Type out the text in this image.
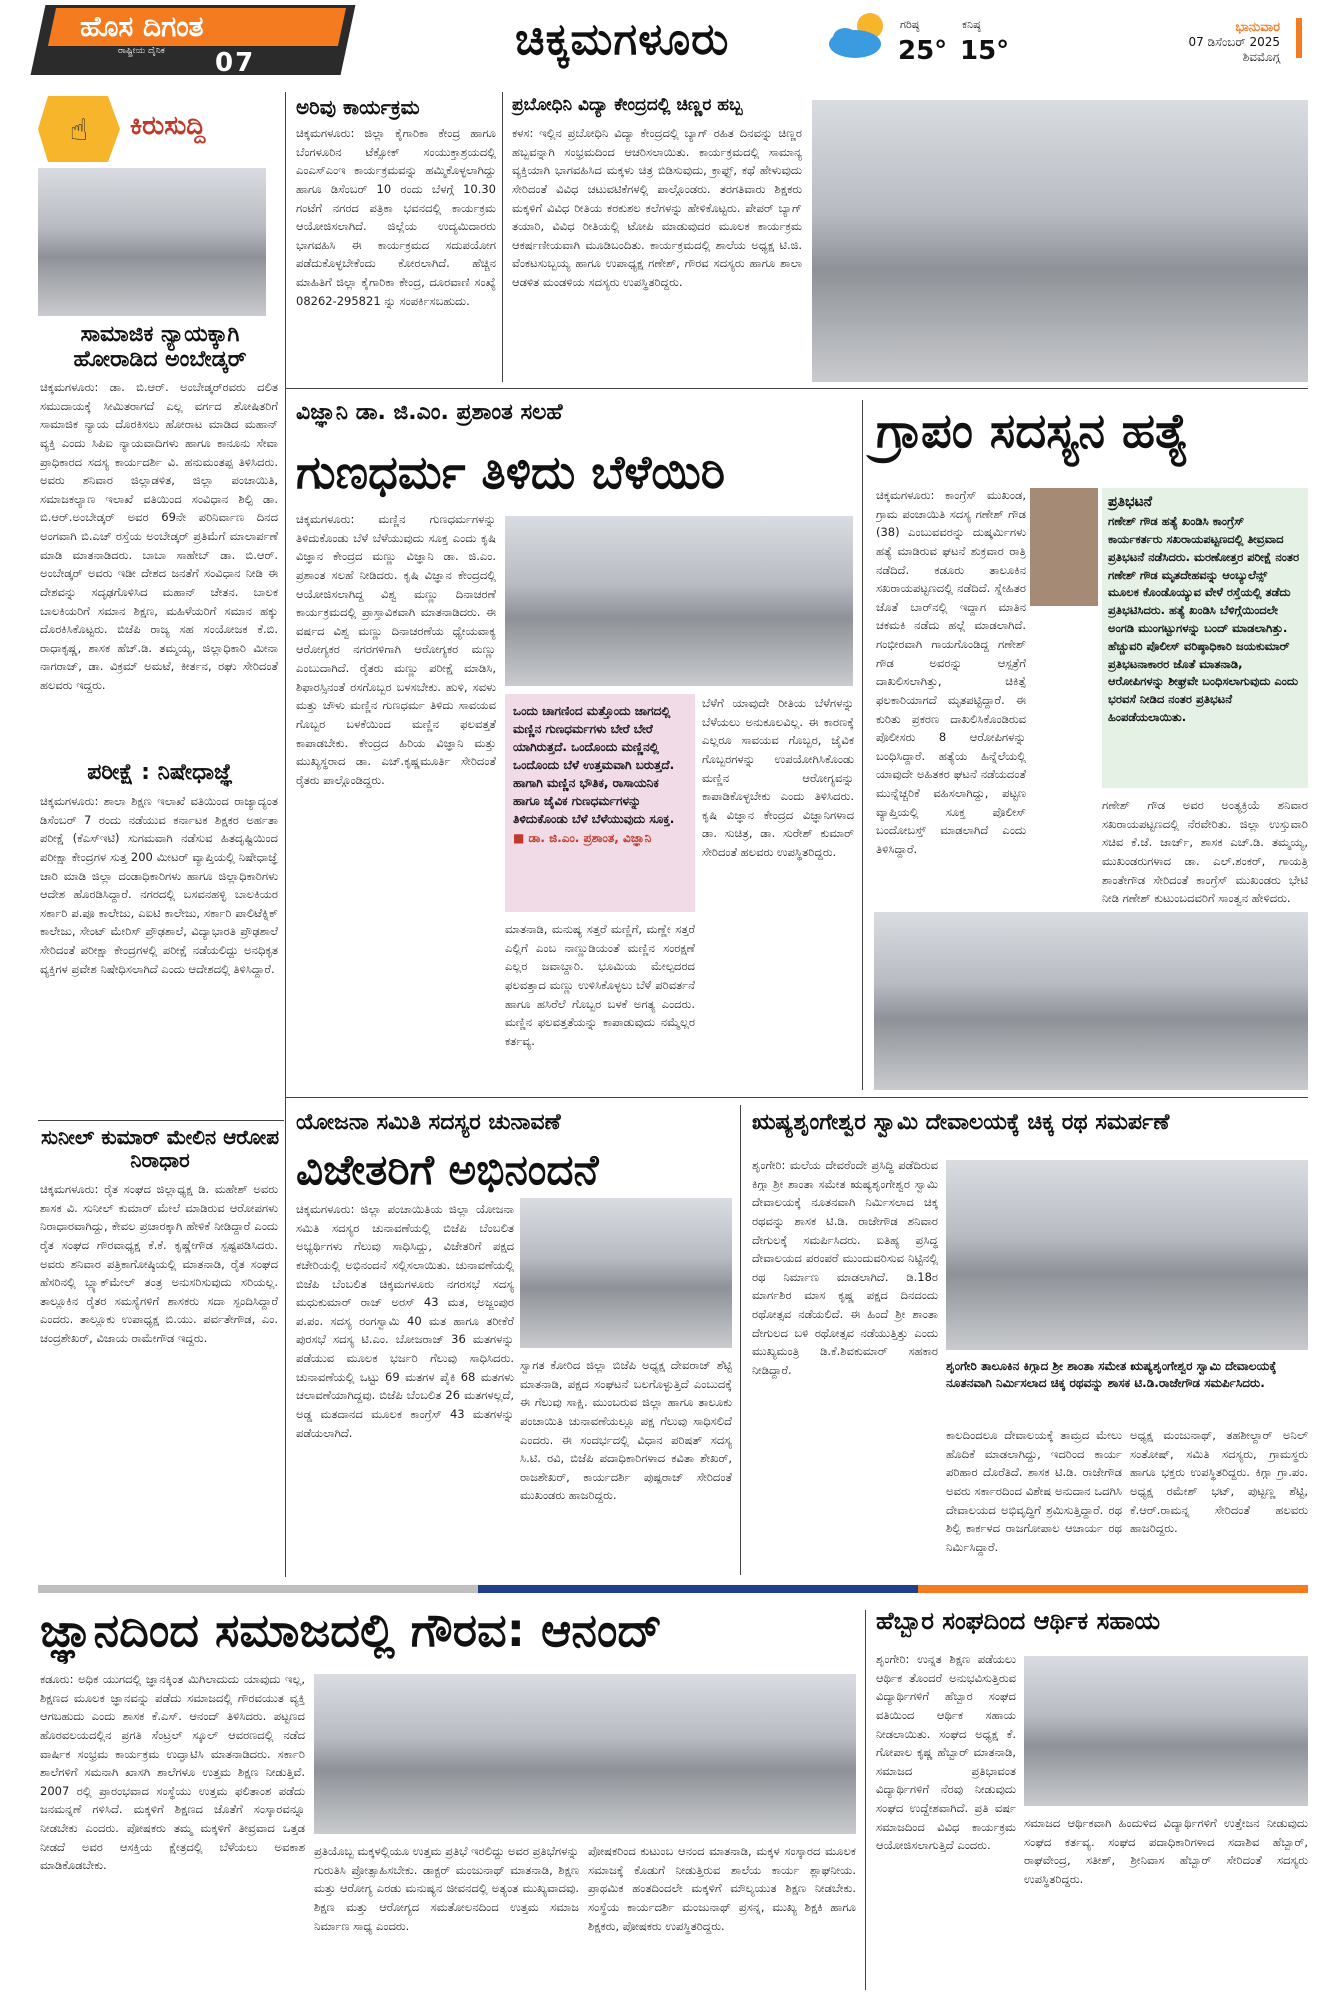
ಹೊಸ ದಿಗಂತ
ರಾಷ್ಟ್ರೀಯ ದೈನಿಕ 07	ಚಿಕ್ಕಮಗಳೂರು	ಗರಿಷ್ಠ
25°
ಕನಿಷ್ಠ
15°
ಭಾನುವಾರ
07 ಡಿಸೆಂಬರ್ 2025
ಶಿವಮೊಗ್ಗ
☝ ಕಿರುಸುದ್ದಿ
ಸಾಮಾಜಿಕ ನ್ಯಾಯಕ್ಕಾಗಿ ಹೋರಾಡಿದ ಅಂಬೇಡ್ಕರ್
ಚಿಕ್ಕಮಗಳೂರು: ಡಾ. ಬಿ.ಆರ್. ಅಂಬೇಡ್ಕರ್‌ರವರು ದಲಿತ ಸಮುದಾಯಕ್ಕೆ ಸೀಮಿತರಾಗದೆ ಎಲ್ಲ ವರ್ಗದ ಶೋಷಿತರಿಗೆ ಸಾಮಾಜಿಕ ನ್ಯಾಯ ದೊರಕಿಸಲು ಹೋರಾಟ ಮಾಡಿದ ಮಹಾನ್ ವ್ಯಕ್ತಿ ಎಂದು ಸಿಪಿಐ ನ್ಯಾಯವಾದಿಗಳು ಹಾಗೂ ಕಾನೂನು ಸೇವಾ ಪ್ರಾಧಿಕಾರದ ಸದಸ್ಯ ಕಾರ್ಯದರ್ಶಿ ವಿ. ಹನುಮಂತಪ್ಪ ತಿಳಿಸಿದರು. ಅವರು ಶನಿವಾರ ಜಿಲ್ಲಾಡಳಿತ, ಜಿಲ್ಲಾ ಪಂಚಾಯಿತಿ, ಸಮಾಜಕಲ್ಯಾಣ ಇಲಾಖೆ ವತಿಯಿಂದ ಸಂವಿಧಾನ ಶಿಲ್ಪಿ ಡಾ. ಬಿ.ಆರ್.ಅಂಬೇಡ್ಕರ್ ಅವರ 69ನೇ ಪರಿನಿರ್ವಾಣ ದಿನದ ಅಂಗವಾಗಿ ಬಿ.ಎಚ್ ರಸ್ತೆಯ ಅಂಬೇಡ್ಕರ್ ಪ್ರತಿಮೆಗೆ ಮಾಲಾರ್ಪಣೆ ಮಾಡಿ ಮಾತನಾಡಿದರು. ಬಾಬಾ ಸಾಹೇಬ್ ಡಾ. ಬಿ.ಆರ್. ಅಂಬೇಡ್ಕರ್ ಅವರು ಇಡೀ ದೇಶದ ಜನತೆಗೆ ಸಂವಿಧಾನ ನೀಡಿ ಈ ದೇಶವನ್ನು ಸದೃಢಗೊಳಿಸಿದ ಮಹಾನ್ ಚೇತನ. ಬಾಲಕ ಬಾಲಕಿಯರಿಗೆ ಸಮಾನ ಶಿಕ್ಷಣ, ಮಹಿಳೆಯರಿಗೆ ಸಮಾನ ಹಕ್ಕು ದೊರಕಿಸಿಕೊಟ್ಟರು. ಬಿಜೆಪಿ ರಾಜ್ಯ ಸಹ ಸಂಯೋಜಕ ಕೆ.ಬಿ. ರಾಧಾಕೃಷ್ಣ, ಶಾಸಕ ಹೆಚ್.ಡಿ. ತಮ್ಮಯ್ಯ, ಜಿಲ್ಲಾಧಿಕಾರಿ ಮೀನಾ ನಾಗರಾಜ್, ಡಾ. ವಿಕ್ರಮ್ ಅಮಟೆ, ಕೀರ್ತನ, ರಘು ಸೇರಿದಂತೆ ಹಲವರು ಇದ್ದರು.
ಪರೀಕ್ಷೆ : ನಿಷೇಧಾಜ್ಞೆ
ಚಿಕ್ಕಮಗಳೂರು: ಶಾಲಾ ಶಿಕ್ಷಣ ಇಲಾಖೆ ವತಿಯಿಂದ ರಾಜ್ಯಾದ್ಯಂತ ಡಿಸೆಂಬರ್ 7 ರಂದು ನಡೆಯುವ ಕರ್ನಾಟಕ ಶಿಕ್ಷಕರ ಅರ್ಹತಾ ಪರೀಕ್ಷೆ (ಕೆಎಸ್‌ಇಟಿ) ಸುಗಮವಾಗಿ ನಡೆಸುವ ಹಿತದೃಷ್ಟಿಯಿಂದ ಪರೀಕ್ಷಾ ಕೇಂದ್ರಗಳ ಸುತ್ತ 200 ಮೀಟರ್ ವ್ಯಾಪ್ತಿಯಲ್ಲಿ ನಿಷೇಧಾಜ್ಞೆ ಜಾರಿ ಮಾಡಿ ಜಿಲ್ಲಾ ದಂಡಾಧಿಕಾರಿಗಳು ಹಾಗೂ ಜಿಲ್ಲಾಧಿಕಾರಿಗಳು ಆದೇಶ ಹೊರಡಿಸಿದ್ದಾರೆ. ನಗರದಲ್ಲಿ ಬಸವನಹಳ್ಳಿ ಬಾಲಕಿಯರ ಸರ್ಕಾರಿ ಪ.ಪೂ ಕಾಲೇಜು, ಎಐಟಿ ಕಾಲೇಜು, ಸರ್ಕಾರಿ ಪಾಲಿಟೆಕ್ನಿಕ್ ಕಾಲೇಜು, ಸೇಂಟ್ ಮೇರಿಸ್ ಪ್ರೌಢಶಾಲೆ, ವಿದ್ಯಾಭಾರತಿ ಪ್ರೌಢಶಾಲೆ ಸೇರಿದಂತೆ ಪರೀಕ್ಷಾ ಕೇಂದ್ರಗಳಲ್ಲಿ ಪರೀಕ್ಷೆ ನಡೆಯಲಿದ್ದು ಅನಧಿಕೃತ ವ್ಯಕ್ತಿಗಳ ಪ್ರವೇಶ ನಿಷೇಧಿಸಲಾಗಿದೆ ಎಂದು ಆದೇಶದಲ್ಲಿ ತಿಳಿಸಿದ್ದಾರೆ.
ಸುನೀಲ್ ಕುಮಾರ್ ಮೇಲಿನ ಆರೋಪ ನಿರಾಧಾರ
ಚಿಕ್ಕಮಗಳೂರು: ರೈತ ಸಂಘದ ಜಿಲ್ಲಾಧ್ಯಕ್ಷ ಡಿ. ಮಹೇಶ್ ಅವರು ಶಾಸಕ ವಿ. ಸುನೀಲ್ ಕುಮಾರ್ ಮೇಲೆ ಮಾಡಿರುವ ಆರೋಪಗಳು ನಿರಾಧಾರವಾಗಿದ್ದು, ಕೇವಲ ಪ್ರಚಾರಕ್ಕಾಗಿ ಹೇಳಿಕೆ ನೀಡಿದ್ದಾರೆ ಎಂದು ರೈತ ಸಂಘದ ಗೌರವಾಧ್ಯಕ್ಷ ಕೆ.ಕೆ. ಕೃಷ್ಣೇಗೌಡ ಸ್ಪಷ್ಟಪಡಿಸಿದರು. ಅವರು ಶನಿವಾರ ಪತ್ರಿಕಾಗೋಷ್ಠಿಯಲ್ಲಿ ಮಾತನಾಡಿ, ರೈತ ಸಂಘದ ಹೆಸರಿನಲ್ಲಿ ಬ್ಲ್ಯಾಕ್‌ಮೇಲ್ ತಂತ್ರ ಅನುಸರಿಸುವುದು ಸರಿಯಲ್ಲ. ತಾಲ್ಲೂಕಿನ ರೈತರ ಸಮಸ್ಯೆಗಳಿಗೆ ಶಾಸಕರು ಸದಾ ಸ್ಪಂದಿಸಿದ್ದಾರೆ ಎಂದರು. ತಾಲ್ಲೂಕು ಉಪಾಧ್ಯಕ್ಷ ಬಿ.ಯು. ಪರ್ವತೇಗೌಡ, ಎಂ. ಚಂದ್ರಶೇಖರ್, ವಿಜಾಯ ರಾಮೇಗೌಡ ಇದ್ದರು.
ಅರಿವು ಕಾರ್ಯಕ್ರಮ
ಚಿಕ್ಕಮಗಳೂರು: ಜಿಲ್ಲಾ ಕೈಗಾರಿಕಾ ಕೇಂದ್ರ ಹಾಗೂ ಬೆಂಗಳೂರಿನ ಟೆಕ್ಸೋಕ್ ಸಂಯುಕ್ತಾಶ್ರಯದಲ್ಲಿ ಎಂಎಸ್‌ಎಂಇ ಕಾರ್ಯಕ್ರಮವನ್ನು ಹಮ್ಮಿಕೊಳ್ಳಲಾಗಿದ್ದು ಹಾಗೂ ಡಿಸೆಂಬರ್ 10 ರಂದು ಬೆಳಗ್ಗೆ 10.30 ಗಂಟೆಗೆ ನಗರದ ಪತ್ರಿಕಾ ಭವನದಲ್ಲಿ ಕಾರ್ಯಕ್ರಮ ಆಯೋಜಿಸಲಾಗಿದೆ. ಜಿಲ್ಲೆಯ ಉದ್ಯಮಿದಾರರು ಭಾಗವಹಿಸಿ ಈ ಕಾರ್ಯಕ್ರಮದ ಸದುಪಯೋಗ ಪಡೆದುಕೊಳ್ಳಬೇಕೆಂದು ಕೋರಲಾಗಿದೆ. ಹೆಚ್ಚಿನ ಮಾಹಿತಿಗೆ ಜಿಲ್ಲಾ ಕೈಗಾರಿಕಾ ಕೇಂದ್ರ, ದೂರವಾಣಿ ಸಂಖ್ಯೆ 08262-295821 ನ್ನು ಸಂಪರ್ಕಿಸಬಹುದು.
ಪ್ರಬೋಧಿನಿ ವಿದ್ಯಾ ಕೇಂದ್ರದಲ್ಲಿ ಚಿಣ್ಣರ ಹಬ್ಬ
ಕಳಸ: ಇಲ್ಲಿನ ಪ್ರಬೋಧಿನಿ ವಿದ್ಯಾ ಕೇಂದ್ರದಲ್ಲಿ ಬ್ಯಾಗ್ ರಹಿತ ದಿನವನ್ನು ಚಿಣ್ಣರ ಹಬ್ಬವನ್ನಾಗಿ ಸಂಭ್ರಮದಿಂದ ಆಚರಿಸಲಾಯಿತು. ಕಾರ್ಯಕ್ರಮದಲ್ಲಿ ಸಾಮಾನ್ಯ ವ್ಯಕ್ತಿಯಾಗಿ ಭಾಗವಹಿಸಿದ ಮಕ್ಕಳು ಚಿತ್ರ ಬಿಡಿಸುವುದು, ಕ್ರಾಫ್ಟ್, ಕಥೆ ಹೇಳುವುದು ಸೇರಿದಂತೆ ವಿವಿಧ ಚಟುವಟಿಕೆಗಳಲ್ಲಿ ಪಾಲ್ಗೊಂಡರು. ತರಗತಿವಾರು ಶಿಕ್ಷಕರು ಮಕ್ಕಳಿಗೆ ವಿವಿಧ ರೀತಿಯ ಕರಕುಶಲ ಕಲೆಗಳನ್ನು ಹೇಳಿಕೊಟ್ಟರು. ಪೇಪರ್ ಬ್ಯಾಗ್ ತಯಾರಿ, ವಿವಿಧ ರೀತಿಯಲ್ಲಿ ಟೋಪಿ ಮಾಡುವುದರ ಮೂಲಕ ಕಾರ್ಯಕ್ರಮ ಆಕರ್ಷಣೀಯವಾಗಿ ಮೂಡಿಬಂದಿತು. ಕಾರ್ಯಕ್ರಮದಲ್ಲಿ ಶಾಲೆಯ ಅಧ್ಯಕ್ಷ ಟಿ.ಜಿ. ವೆಂಕಟಸುಬ್ಬಯ್ಯ ಹಾಗೂ ಉಪಾಧ್ಯಕ್ಷ ಗಣೇಶ್, ಗೌರವ ಸದಸ್ಯರು ಹಾಗೂ ಶಾಲಾ ಆಡಳಿತ ಮಂಡಳಿಯ ಸದಸ್ಯರು ಉಪಸ್ಥಿತರಿದ್ದರು.
ವಿಜ್ಞಾನಿ ಡಾ. ಜಿ.ಎಂ. ಪ್ರಶಾಂತ ಸಲಹೆ
ಗುಣಧರ್ಮ ತಿಳಿದು ಬೆಳೆಯಿರಿ
ಚಿಕ್ಕಮಗಳೂರು: ಮಣ್ಣಿನ ಗುಣಧರ್ಮಗಳನ್ನು ತಿಳಿದುಕೊಂಡು ಬೆಳೆ ಬೆಳೆಯುವುದು ಸೂಕ್ತ ಎಂದು ಕೃಷಿ ವಿಜ್ಞಾನ ಕೇಂದ್ರದ ಮಣ್ಣು ವಿಜ್ಞಾನಿ ಡಾ. ಜಿ.ಎಂ. ಪ್ರಶಾಂತ ಸಲಹೆ ನೀಡಿದರು. ಕೃಷಿ ವಿಜ್ಞಾನ ಕೇಂದ್ರದಲ್ಲಿ ಆಯೋಜಿಸಲಾಗಿದ್ದ ವಿಶ್ವ ಮಣ್ಣು ದಿನಾಚರಣೆ ಕಾರ್ಯಕ್ರಮದಲ್ಲಿ ಪ್ರಾಸ್ತಾವಿಕವಾಗಿ ಮಾತನಾಡಿದರು. ಈ ವರ್ಷದ ವಿಶ್ವ ಮಣ್ಣು ದಿನಾಚರಣೆಯ ಧ್ಯೇಯವಾಕ್ಯ ಆರೋಗ್ಯಕರ ನಗರಗಳಿಗಾಗಿ ಆರೋಗ್ಯಕರ ಮಣ್ಣು ಎಂಬುದಾಗಿದೆ. ರೈತರು ಮಣ್ಣು ಪರೀಕ್ಷೆ ಮಾಡಿಸಿ, ಶಿಫಾರಸ್ಸಿನಂತೆ ರಸಗೊಬ್ಬರ ಬಳಸಬೇಕು. ಹುಳಿ, ಸವಳು ಮತ್ತು ಚೌಳು ಮಣ್ಣಿನ ಗುಣಧರ್ಮ ತಿಳಿದು ಸಾವಯವ ಗೊಬ್ಬರ ಬಳಕೆಯಿಂದ ಮಣ್ಣಿನ ಫಲವತ್ತತೆ ಕಾಪಾಡಬೇಕು. ಕೇಂದ್ರದ ಹಿರಿಯ ವಿಜ್ಞಾನಿ ಮತ್ತು ಮುಖ್ಯಸ್ಥರಾದ ಡಾ. ಎಚ್.ಕೃಷ್ಣಮೂರ್ತಿ ಸೇರಿದಂತೆ ರೈತರು ಪಾಲ್ಗೊಂಡಿದ್ದರು.
ಒಂದು ಚಾಗಣಿಂದ ಮತ್ತೊಂದು ಜಾಗದಲ್ಲಿ ಮಣ್ಣಿನ ಗುಣಧರ್ಮಗಳು ಬೇರೆ ಬೇರೆ ಯಾಗಿರುತ್ತದೆ. ಒಂದೊಂದು ಮಣ್ಣಿನಲ್ಲಿ ಒಂದೊಂದು ಬೆಳೆ ಉತ್ತಮವಾಗಿ ಬರುತ್ತದೆ. ಹಾಗಾಗಿ ಮಣ್ಣಿನ ಭೌತಿಕ, ರಾಸಾಯನಿಕ ಹಾಗೂ ಜೈವಿಕ ಗುಣಧರ್ಮಗಳನ್ನು ತಿಳಿದುಕೊಂಡು ಬೆಳೆ ಬೆಳೆಯುವುದು ಸೂಕ್ತ.
■ ಡಾ. ಜಿ.ಎಂ. ಪ್ರಶಾಂತ, ವಿಜ್ಞಾನಿ
ಬೆಳೆಗೆ ಯಾವುದೇ ರೀತಿಯ ಬೆಳೆಗಳನ್ನು ಬೆಳೆಯಲು ಅನುಕೂಲವಿಲ್ಲ. ಈ ಕಾರಣಕ್ಕೆ ಎಲ್ಲರೂ ಸಾವಯವ ಗೊಬ್ಬರ, ಜೈವಿಕ ಗೊಬ್ಬರಗಳನ್ನು ಉಪಯೋಗಿಸಿಕೊಂಡು ಮಣ್ಣಿನ ಆರೋಗ್ಯವನ್ನು ಕಾಪಾಡಿಕೊಳ್ಳಬೇಕು ಎಂದು ತಿಳಿಸಿದರು. ಕೃಷಿ ವಿಜ್ಞಾನ ಕೇಂದ್ರದ ವಿಜ್ಞಾನಿಗಳಾದ ಡಾ. ಸುಚಿತ್ರ, ಡಾ. ಸುರೇಶ್ ಕುಮಾರ್ ಸೇರಿದಂತೆ ಹಲವರು ಉಪಸ್ಥಿತರಿದ್ದರು.
ಮಾತನಾಡಿ, ಮನುಷ್ಯ ಸತ್ತರೆ ಮಣ್ಣಿಗೆ, ಮಣ್ಣೇ ಸತ್ತರೆ ಎಲ್ಲಿಗೆ ಎಂಬ ನಾಣ್ಣುಡಿಯಂತೆ ಮಣ್ಣಿನ ಸಂರಕ್ಷಣೆ ಎಲ್ಲರ ಜವಾಬ್ದಾರಿ. ಭೂಮಿಯ ಮೇಲ್ಪದರದ ಫಲವತ್ತಾದ ಮಣ್ಣು ಉಳಿಸಿಕೊಳ್ಳಲು ಬೆಳೆ ಪರಿವರ್ತನೆ ಹಾಗೂ ಹಸಿರೆಲೆ ಗೊಬ್ಬರ ಬಳಕೆ ಅಗತ್ಯ ಎಂದರು. ಮಣ್ಣಿನ ಫಲವತ್ತತೆಯನ್ನು ಕಾಪಾಡುವುದು ನಮ್ಮೆಲ್ಲರ ಕರ್ತವ್ಯ.
ಗ್ರಾಪಂ ಸದಸ್ಯನ ಹತ್ಯೆ
ಚಿಕ್ಕಮಗಳೂರು: ಕಾಂಗ್ರೆಸ್ ಮುಖಂಡ, ಗ್ರಾಮ ಪಂಚಾಯಿತಿ ಸದಸ್ಯ ಗಣೇಶ್ ಗೌಡ (38) ಎಂಬುವವರನ್ನು ದುಷ್ಕರ್ಮಿಗಳು ಹತ್ಯೆ ಮಾಡಿರುವ ಘಟನೆ ಶುಕ್ರವಾರ ರಾತ್ರಿ ನಡೆದಿದೆ. ಕಡೂರು ತಾಲೂಕಿನ ಸಖರಾಯಪಟ್ಟಣದಲ್ಲಿ ನಡೆದಿದೆ. ಸ್ನೇಹಿತರ ಜೊತೆ ಬಾರ್‌ನಲ್ಲಿ ಇದ್ದಾಗ ಮಾತಿನ ಚಕಮಕಿ ನಡೆದು ಹಲ್ಲೆ ಮಾಡಲಾಗಿದೆ. ಗಂಭೀರವಾಗಿ ಗಾಯಗೊಂಡಿದ್ದ ಗಣೇಶ್ ಗೌಡ ಅವರನ್ನು ಆಸ್ಪತ್ರೆಗೆ ದಾಖಲಿಸಲಾಗಿತ್ತು, ಚಿಕಿತ್ಸೆ ಫಲಕಾರಿಯಾಗದೆ ಮೃತಪಟ್ಟಿದ್ದಾರೆ. ಈ ಕುರಿತು ಪ್ರಕರಣ ದಾಖಲಿಸಿಕೊಂಡಿರುವ ಪೊಲೀಸರು 8 ಆರೋಪಿಗಳನ್ನು ಬಂಧಿಸಿದ್ದಾರೆ. ಹತ್ಯೆಯ ಹಿನ್ನೆಲೆಯಲ್ಲಿ ಯಾವುದೇ ಅಹಿತಕರ ಘಟನೆ ನಡೆಯದಂತೆ ಮುನ್ನೆಚ್ಚರಿಕೆ ವಹಿಸಲಾಗಿದ್ದು, ಪಟ್ಟಣ ವ್ಯಾಪ್ತಿಯಲ್ಲಿ ಸೂಕ್ತ ಪೊಲೀಸ್ ಬಂದೋಬಸ್ತ್ ಮಾಡಲಾಗಿದೆ ಎಂದು ತಿಳಿಸಿದ್ದಾರೆ.
ಪ್ರತಿಭಟನೆ
ಗಣೇಶ್ ಗೌಡ ಹತ್ಯೆ ಖಂಡಿಸಿ ಕಾಂಗ್ರೆಸ್ ಕಾರ್ಯಕರ್ತರು ಸಖರಾಯಪಟ್ಟಣದಲ್ಲಿ ತೀವ್ರವಾದ ಪ್ರತಿಭಟನೆ ನಡೆಸಿದರು. ಮರಣೋತ್ತರ ಪರೀಕ್ಷೆ ನಂತರ ಗಣೇಶ್ ಗೌಡ ಮೃತದೇಹವನ್ನು ಆಂಬ್ಯುಲೆನ್ಸ್ ಮೂಲಕ ಕೊಂಡೊಯ್ಯುವ ವೇಳೆ ರಸ್ತೆಯಲ್ಲಿ ತಡೆದು ಪ್ರತಿಭಟಿಸಿದರು. ಹತ್ಯೆ ಖಂಡಿಸಿ ಬೆಳಿಗ್ಗೆಯಿಂದಲೇ ಅಂಗಡಿ ಮುಂಗಟ್ಟುಗಳನ್ನು ಬಂದ್ ಮಾಡಲಾಗಿತ್ತು. ಹೆಚ್ಚುವರಿ ಪೊಲೀಸ್ ವರಿಷ್ಠಾಧಿಕಾರಿ ಜಯಕುಮಾರ್ ಪ್ರತಿಭಟನಾಕಾರರ ಜೊತೆ ಮಾತನಾಡಿ, ಆರೋಪಿಗಳನ್ನು ಶೀಘ್ರವೇ ಬಂಧಿಸಲಾಗುವುದು ಎಂದು ಭರವಸೆ ನೀಡಿದ ನಂತರ ಪ್ರತಿಭಟನೆ ಹಿಂಪಡೆಯಲಾಯಿತು.
ಗಣೇಶ್ ಗೌಡ ಅವರ ಅಂತ್ಯಕ್ರಿಯೆ ಶನಿವಾರ ಸಖರಾಯಪಟ್ಟಣದಲ್ಲಿ ನೆರವೇರಿತು. ಜಿಲ್ಲಾ ಉಸ್ತುವಾರಿ ಸಚಿವ ಕೆ.ಜೆ. ಜಾರ್ಜ್, ಶಾಸಕ ಎಚ್.ಡಿ. ತಮ್ಮಯ್ಯ, ಮುಖಂಡರುಗಳಾದ ಡಾ. ಎಲ್.ಶಂಕರ್, ಗಾಯತ್ರಿ ಶಾಂತೇಗೌಡ ಸೇರಿದಂತೆ ಕಾಂಗ್ರೆಸ್ ಮುಖಂಡರು ಭೇಟಿ ನೀಡಿ ಗಣೇಶ್ ಕುಟುಂಬದವರಿಗೆ ಸಾಂತ್ವನ ಹೇಳಿದರು.
ಯೋಜನಾ ಸಮಿತಿ ಸದಸ್ಯರ ಚುನಾವಣೆ
ವಿಜೇತರಿಗೆ ಅಭಿನಂದನೆ
ಚಿಕ್ಕಮಗಳೂರು: ಜಿಲ್ಲಾ ಪಂಚಾಯಿತಿಯ ಜಿಲ್ಲಾ ಯೋಜನಾ ಸಮಿತಿ ಸದಸ್ಯರ ಚುನಾವಣೆಯಲ್ಲಿ ಬಿಜೆಪಿ ಬೆಂಬಲಿತ ಅಭ್ಯರ್ಥಿಗಳು ಗೆಲುವು ಸಾಧಿಸಿದ್ದು, ವಿಜೇತರಿಗೆ ಪಕ್ಷದ ಕಚೇರಿಯಲ್ಲಿ ಅಭಿನಂದನೆ ಸಲ್ಲಿಸಲಾಯಿತು. ಚುನಾವಣೆಯಲ್ಲಿ ಬಿಜೆಪಿ ಬೆಂಬಲಿತ ಚಿಕ್ಕಮಗಳೂರು ನಗರಸಭೆ ಸದಸ್ಯ ಮಧುಕುಮಾರ್ ರಾಜ್ ಅರಸ್ 43 ಮತ, ಅಜ್ಜಂಪುರ ಪ.ಪಂ. ಸದಸ್ಯ ರಂಗಸ್ವಾಮಿ 40 ಮತ ಹಾಗೂ ತರೀಕೆರೆ ಪುರಸಭೆ ಸದಸ್ಯ ಟಿ.ಎಂ. ಬೋಜರಾಜ್ 36 ಮತಗಳನ್ನು ಪಡೆಯುವ ಮೂಲಕ ಭರ್ಜರಿ ಗೆಲುವು ಸಾಧಿಸಿದರು. ಚುನಾವಣೆಯಲ್ಲಿ ಒಟ್ಟು 69 ಮತಗಳ ಪೈಕಿ 68 ಮತಗಳು ಚಲಾವಣೆಯಾಗಿದ್ದವು. ಬಿಜೆಪಿ ಬೆಂಬಲಿತ 26 ಮತಗಳಲ್ಲದೆ, ಅಡ್ಡ ಮತದಾನದ ಮೂಲಕ ಕಾಂಗ್ರೆಸ್ 43 ಮತಗಳನ್ನು ಪಡೆಯಲಾಗಿದೆ.
ಸ್ವಾಗತ ಕೋರಿದ ಜಿಲ್ಲಾ ಬಿಜೆಪಿ ಅಧ್ಯಕ್ಷ ದೇವರಾಜ್ ಶೆಟ್ಟಿ ಮಾತನಾಡಿ, ಪಕ್ಷದ ಸಂಘಟನೆ ಬಲಗೊಳ್ಳುತ್ತಿದೆ ಎಂಬುದಕ್ಕೆ ಈ ಗೆಲುವು ಸಾಕ್ಷಿ. ಮುಂಬರುವ ಜಿಲ್ಲಾ ಹಾಗೂ ತಾಲೂಕು ಪಂಚಾಯಿತಿ ಚುನಾವಣೆಯಲ್ಲೂ ಪಕ್ಷ ಗೆಲುವು ಸಾಧಿಸಲಿದೆ ಎಂದರು. ಈ ಸಂದರ್ಭದಲ್ಲಿ ವಿಧಾನ ಪರಿಷತ್ ಸದಸ್ಯ ಸಿ.ಟಿ. ರವಿ, ಬಿಜೆಪಿ ಪದಾಧಿಕಾರಿಗಳಾದ ಕವಿತಾ ಶೇಖರ್, ರಾಜಶೇಖರ್, ಕಾರ್ಯದರ್ಶಿ ಪುಷ್ಪರಾಜ್ ಸೇರಿದಂತೆ ಮುಖಂಡರು ಹಾಜರಿದ್ದರು.
ಋಷ್ಯಶೃಂಗೇಶ್ವರ ಸ್ವಾಮಿ ದೇವಾಲಯಕ್ಕೆ ಚಿಕ್ಕ ರಥ ಸಮರ್ಪಣೆ
ಶೃಂಗೇರಿ: ಮಲೆಯ ದೇವರೆಂದೇ ಪ್ರಸಿದ್ಧಿ ಪಡೆದಿರುವ ಕಿಗ್ಗಾ ಶ್ರೀ ಶಾಂತಾ ಸಮೇತ ಋಷ್ಯಶೃಂಗೇಶ್ವರ ಸ್ವಾಮಿ ದೇವಾಲಯಕ್ಕೆ ನೂತನವಾಗಿ ನಿರ್ಮಿಸಲಾದ ಚಿಕ್ಕ ರಥವನ್ನು ಶಾಸಕ ಟಿ.ಡಿ. ರಾಜೇಗೌಡ ಶನಿವಾರ ದೇಗುಲಕ್ಕೆ ಸಮರ್ಪಿಸಿದರು. ಐತಿಹ್ಯ ಪ್ರಸಿದ್ಧ ದೇವಾಲಯದ ಪರಂಪರೆ ಮುಂದುವರಿಸುವ ನಿಟ್ಟಿನಲ್ಲಿ ರಥ ನಿರ್ಮಾಣ ಮಾಡಲಾಗಿದೆ. ಡಿ.18ರ ಮಾರ್ಗಶಿರ ಮಾಸ ಕೃಷ್ಣ ಪಕ್ಷದ ದಿನದಂದು ರಥೋತ್ಸವ ನಡೆಯಲಿದೆ. ಈ ಹಿಂದೆ ಶ್ರೀ ಶಾಂತಾ ದೇಗುಲದ ಬಳಿ ರಥೋತ್ಸವ ನಡೆಯುತ್ತಿತ್ತು ಎಂದು ಮುಖ್ಯಮಂತ್ರಿ ಡಿ.ಕೆ.ಶಿವಕುಮಾರ್ ಸಹಕಾರ ನೀಡಿದ್ದಾರೆ.	ಶೃಂಗೇರಿ ತಾಲೂಕಿನ ಕಿಗ್ಗಾದ ಶ್ರೀ ಶಾಂತಾ ಸಮೇತ ಋಷ್ಯಶೃಂಗೇಶ್ವರ ಸ್ವಾಮಿ ದೇವಾಲಯಕ್ಕೆ ನೂತನವಾಗಿ ನಿರ್ಮಿಸಲಾದ ಚಿಕ್ಕ ರಥವನ್ನು ಶಾಸಕ ಟಿ.ಡಿ.ರಾಜೇಗೌಡ ಸಮರ್ಪಿಸಿದರು.
ಕಾಲದಿಂದಲೂ ದೇವಾಲಯಕ್ಕೆ ತಾಮ್ರದ ಮೇಲು ಹೊದಿಕೆ ಮಾಡಲಾಗಿದ್ದು, ಇದರಿಂದ ಕಾರ್ಯ ಪರಿಹಾರ ದೊರೆತಿದೆ. ಶಾಸಕ ಟಿ.ಡಿ. ರಾಜೇಗೌಡ ಅವರು ಸರ್ಕಾರದಿಂದ ವಿಶೇಷ ಅನುದಾನ ಒದಗಿಸಿ ದೇವಾಲಯದ ಅಭಿವೃದ್ಧಿಗೆ ಶ್ರಮಿಸುತ್ತಿದ್ದಾರೆ. ರಥ ಶಿಲ್ಪಿ ಕಾರ್ಕಳದ ರಾಜಗೋಪಾಲ ಆಚಾರ್ಯ ರಥ ನಿರ್ಮಿಸಿದ್ದಾರೆ.
ಅಧ್ಯಕ್ಷ ಮಂಜುನಾಥ್, ತಹಶೀಲ್ದಾರ್ ಅನಿಲ್ ಸಂತೋಷ್, ಸಮಿತಿ ಸದಸ್ಯರು, ಗ್ರಾಮಸ್ಥರು ಹಾಗೂ ಭಕ್ತರು ಉಪಸ್ಥಿತರಿದ್ದರು. ಕಿಗ್ಗಾ ಗ್ರಾ.ಪಂ. ಅಧ್ಯಕ್ಷ ರಮೇಶ್ ಭಟ್, ಪುಟ್ಟಣ್ಣ ಶೆಟ್ಟಿ, ಕೆ.ಆರ್.ರಾಮನ್ನ ಸೇರಿದಂತೆ ಹಲವರು ಹಾಜರಿದ್ದರು.
ಜ್ಞಾನದಿಂದ ಸಮಾಜದಲ್ಲಿ ಗೌರವ: ಆನಂದ್
ಕಡೂರು: ಅಧಿಕ ಯುಗದಲ್ಲಿ ಜ್ಞಾನಕ್ಕಿಂತ ಮಿಗಿಲಾದುದು ಯಾವುದು ಇಲ್ಲ, ಶಿಕ್ಷಣದ ಮೂಲಕ ಜ್ಞಾನವನ್ನು ಪಡೆದು ಸಮಾಜದಲ್ಲಿ ಗೌರವಯುತ ವ್ಯಕ್ತಿ ಆಗಬಹುದು ಎಂದು ಶಾಸಕ ಕೆ.ಎಸ್. ಆನಂದ್ ತಿಳಿಸಿದರು. ಪಟ್ಟಣದ ಹೊರವಲಯದಲ್ಲಿನ ಪ್ರಗತಿ ಸೆಂಟ್ರಲ್ ಸ್ಕೂಲ್ ಆವರಣದಲ್ಲಿ ನಡೆದ ವಾರ್ಷಿಕ ಸಂಭ್ರಮ ಕಾರ್ಯಕ್ರಮ ಉದ್ಘಾಟಿಸಿ ಮಾತನಾಡಿದರು. ಸರ್ಕಾರಿ ಶಾಲೆಗಳಿಗೆ ಸಮನಾಗಿ ಖಾಸಗಿ ಶಾಲೆಗಳೂ ಉತ್ತಮ ಶಿಕ್ಷಣ ನೀಡುತ್ತಿವೆ. 2007 ರಲ್ಲಿ ಪ್ರಾರಂಭವಾದ ಸಂಸ್ಥೆಯು ಉತ್ತಮ ಫಲಿತಾಂಶ ಪಡೆದು ಜನಮನ್ನಣೆ ಗಳಿಸಿದೆ. ಮಕ್ಕಳಿಗೆ ಶಿಕ್ಷಣದ ಜೊತೆಗೆ ಸಂಸ್ಕಾರವನ್ನೂ ನೀಡಬೇಕು ಎಂದರು. ಪೋಷಕರು ತಮ್ಮ ಮಕ್ಕಳಿಗೆ ತೀವ್ರವಾದ ಒತ್ತಡ ನೀಡದೆ ಅವರ ಆಸಕ್ತಿಯ ಕ್ಷೇತ್ರದಲ್ಲಿ ಬೆಳೆಯಲು ಅವಕಾಶ ಮಾಡಿಕೊಡಬೇಕು.
ಪ್ರತಿಯೊಬ್ಬ ಮಕ್ಕಳಲ್ಲಿಯೂ ಉತ್ತಮ ಪ್ರತಿಭೆ ಇರಲಿದ್ದು ಅವರ ಪ್ರತಿಭೆಗಳನ್ನು ಗುರುತಿಸಿ ಪ್ರೋತ್ಸಾಹಿಸಬೇಕು. ಡಾಕ್ಟರ್ ಮಂಜುನಾಥ್ ಮಾತನಾಡಿ, ಶಿಕ್ಷಣ ಮತ್ತು ಆರೋಗ್ಯ ಎರಡು ಮನುಷ್ಯನ ಜೀವನದಲ್ಲಿ ಅತ್ಯಂತ ಮುಖ್ಯವಾದವು. ಶಿಕ್ಷಣ ಮತ್ತು ಆರೋಗ್ಯದ ಸಮತೋಲನದಿಂದ ಉತ್ತಮ ಸಮಾಜ ನಿರ್ಮಾಣ ಸಾಧ್ಯ ಎಂದರು.
ಪೋಷಕರಿಂದ ಕುಟುಂಬ ಆನಂದ ಮಾತನಾಡಿ, ಮಕ್ಕಳ ಸಂಸ್ಕಾರದ ಮೂಲಕ ಸಮಾಜಕ್ಕೆ ಕೊಡುಗೆ ನೀಡುತ್ತಿರುವ ಶಾಲೆಯ ಕಾರ್ಯ ಶ್ಲಾಘನೀಯ. ಪ್ರಾಥಮಿಕ ಹಂತದಿಂದಲೇ ಮಕ್ಕಳಿಗೆ ಮೌಲ್ಯಯುತ ಶಿಕ್ಷಣ ನೀಡಬೇಕು. ಸಂಸ್ಥೆಯ ಕಾರ್ಯದರ್ಶಿ ಮಂಜುನಾಥ್ ಪ್ರಸನ್ನ, ಮುಖ್ಯ ಶಿಕ್ಷಕಿ ಹಾಗೂ ಶಿಕ್ಷಕರು, ಪೋಷಕರು ಉಪಸ್ಥಿತರಿದ್ದರು.
ಹೆಬ್ಬಾರ ಸಂಘದಿಂದ ಆರ್ಥಿಕ ಸಹಾಯ
ಶೃಂಗೇರಿ: ಉನ್ನತ ಶಿಕ್ಷಣ ಪಡೆಯಲು ಆರ್ಥಿಕ ತೊಂದರೆ ಅನುಭವಿಸುತ್ತಿರುವ ವಿದ್ಯಾರ್ಥಿಗಳಿಗೆ ಹೆಬ್ಬಾರ ಸಂಘದ ವತಿಯಿಂದ ಆರ್ಥಿಕ ಸಹಾಯ ನೀಡಲಾಯಿತು. ಸಂಘದ ಅಧ್ಯಕ್ಷ ಕೆ. ಗೋಪಾಲ ಕೃಷ್ಣ ಹೆಬ್ಬಾರ್ ಮಾತನಾಡಿ, ಸಮಾಜದ ಪ್ರತಿಭಾವಂತ ವಿದ್ಯಾರ್ಥಿಗಳಿಗೆ ನೆರವು ನೀಡುವುದು ಸಂಘದ ಉದ್ದೇಶವಾಗಿದೆ. ಪ್ರತಿ ವರ್ಷ ಸಮಾಜದಿಂದ ವಿವಿಧ ಕಾರ್ಯಕ್ರಮ ಆಯೋಜಿಸಲಾಗುತ್ತಿದೆ ಎಂದರು.
ಸಮಾಜದ ಆರ್ಥಿಕವಾಗಿ ಹಿಂದುಳಿದ ವಿದ್ಯಾರ್ಥಿಗಳಿಗೆ ಉತ್ತೇಜನ ನೀಡುವುದು ಸಂಘದ ಕರ್ತವ್ಯ. ಸಂಘದ ಪದಾಧಿಕಾರಿಗಳಾದ ಸದಾಶಿವ ಹೆಬ್ಬಾರ್, ರಾಘವೇಂದ್ರ, ಸತೀಶ್, ಶ್ರೀನಿವಾಸ ಹೆಬ್ಬಾರ್ ಸೇರಿದಂತೆ ಸದಸ್ಯರು ಉಪಸ್ಥಿತರಿದ್ದರು.
